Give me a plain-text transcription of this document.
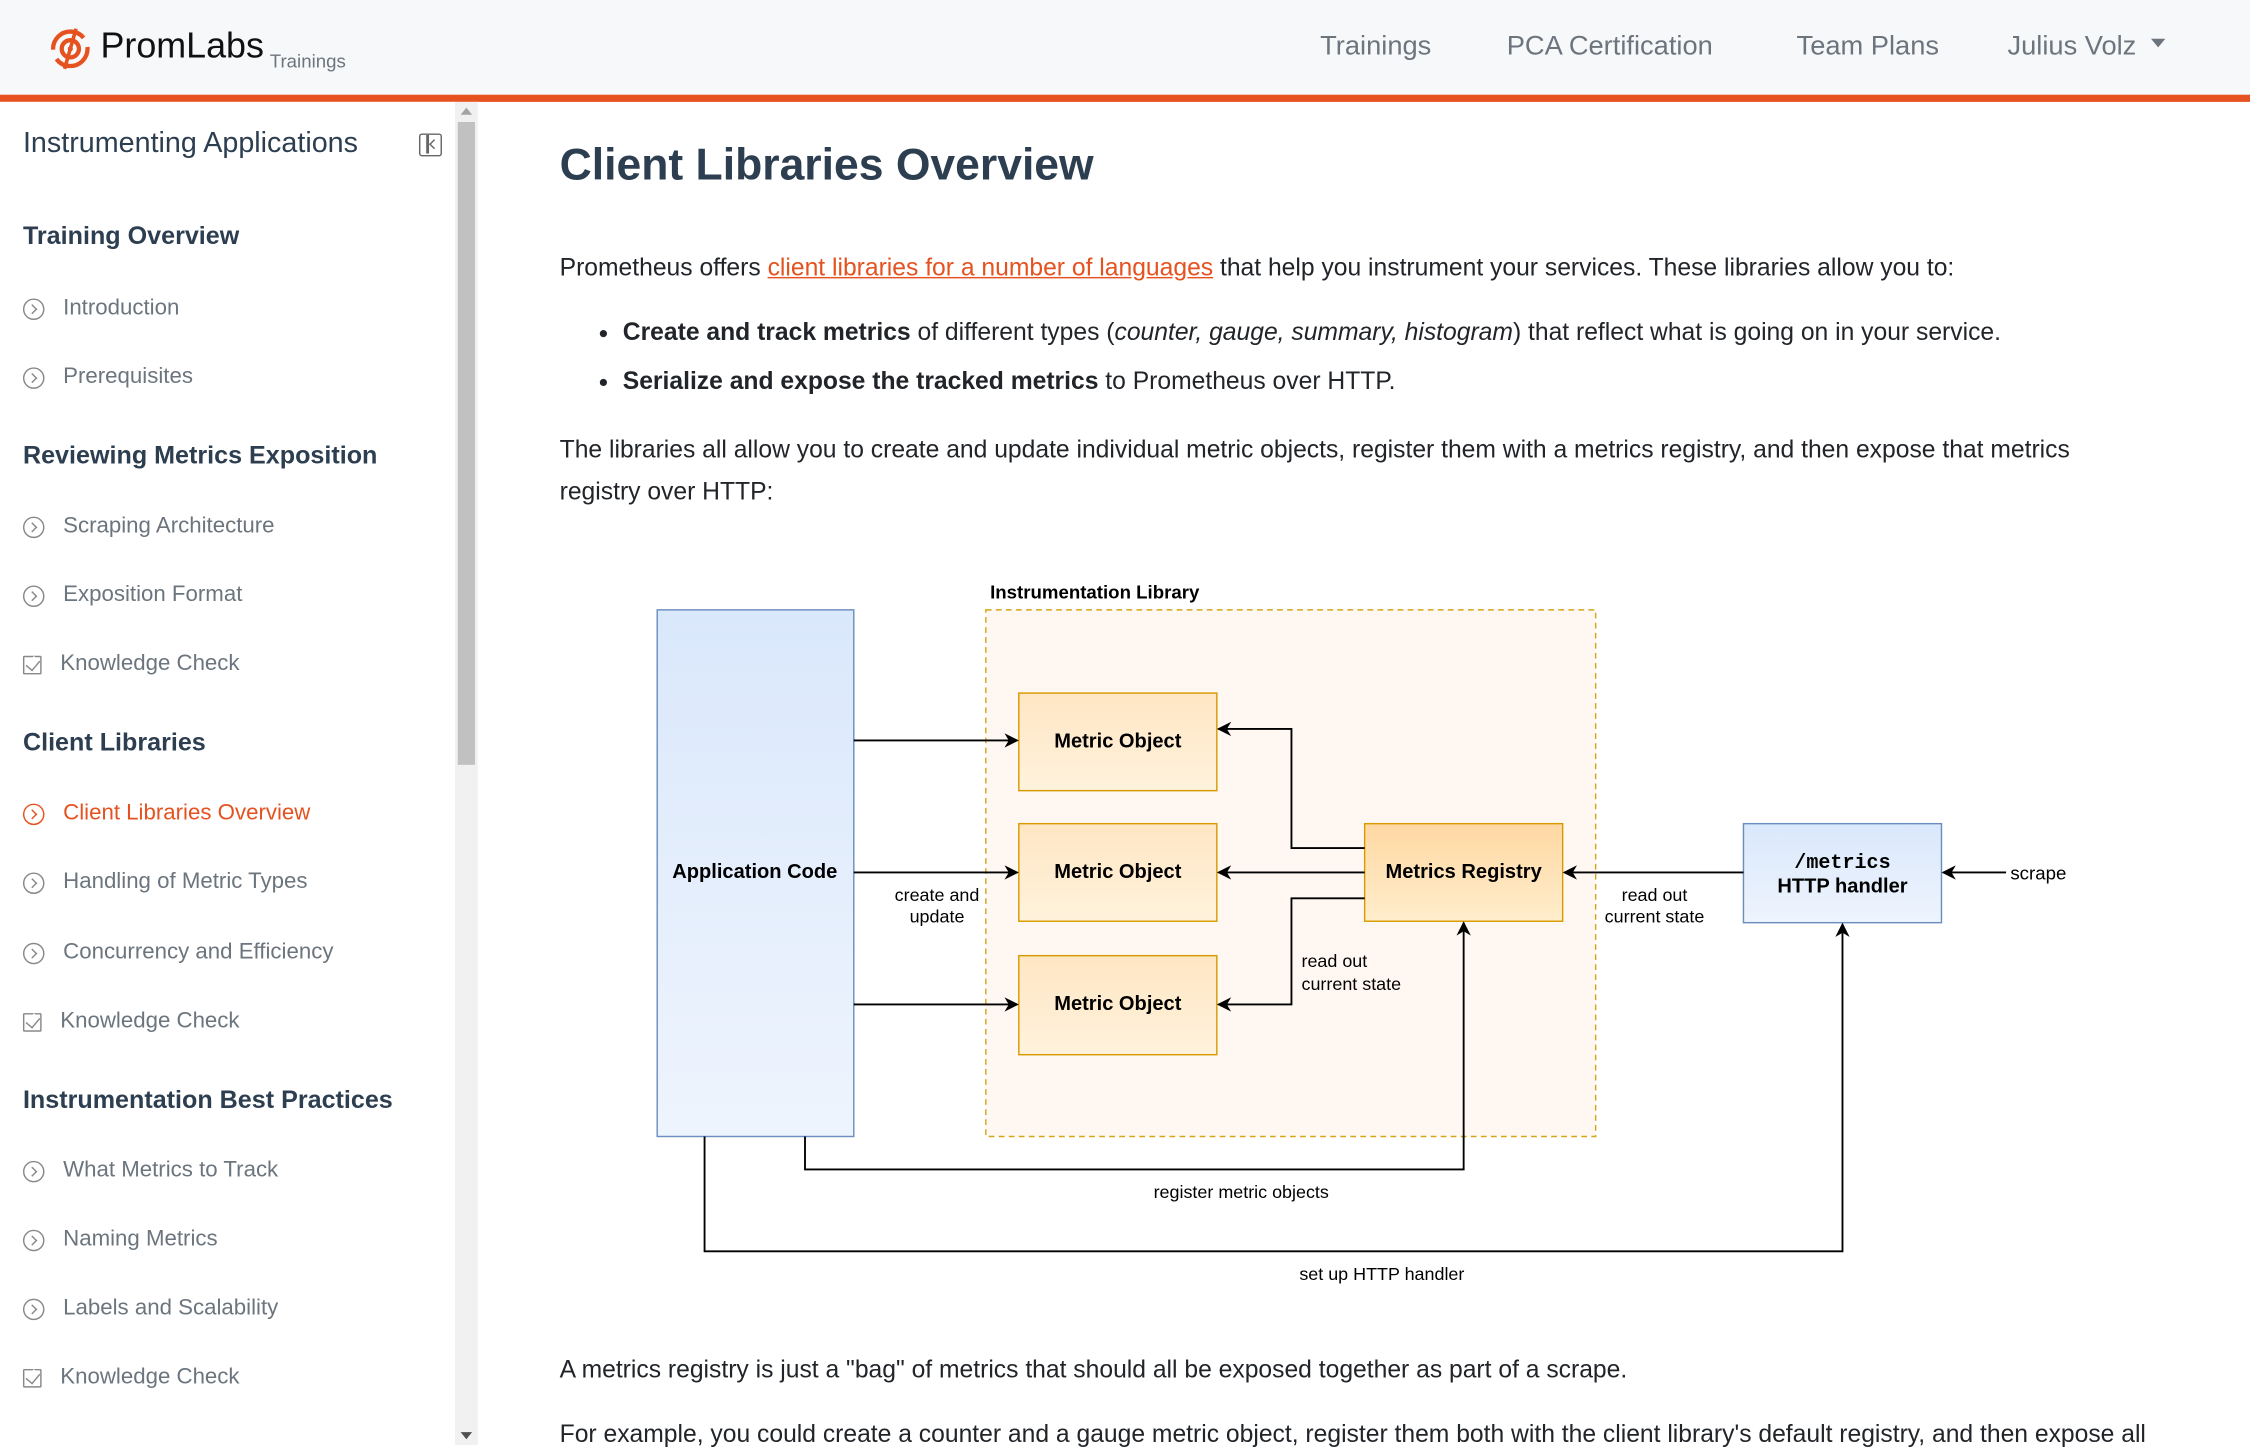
PromLabs Trainings	Trainings	PCA Certification	Team Plans	Julius Volz
Instrumenting Applications
Training Overview
Introduction
Prerequisites
Reviewing Metrics Exposition
Scraping Architecture
Exposition Format
Knowledge Check
Client Libraries
Client Libraries Overview
Handling of Metric Types
Concurrency and Efficiency
Knowledge Check
Instrumentation Best Practices
What Metrics to Track
Naming Metrics
Labels and Scalability
Knowledge Check
Client Libraries Overview
Prometheus offers client libraries for a number of languages that help you instrument your services. These libraries allow you to:
Create and track metrics of different types (counter, gauge, summary, histogram) that reflect what is going on in your service.
Serialize and expose the tracked metrics to Prometheus over HTTP.
The libraries all allow you to create and update individual metric objects, register them with a metrics registry, and then expose that metrics
registry over HTTP:
A metrics registry is just a "bag" of metrics that should all be exposed together as part of a scrape.
For example, you could create a counter and a gauge metric object, register them both with the client library's default registry, and then expose all
Instrumentation Library
Application Code
Metric Object
Metric Object
Metric Object
Metrics Registry	/metrics
HTTP handler
create and
update
read out
current state
read out
current state
scrape
register metric objects
set up HTTP handler
